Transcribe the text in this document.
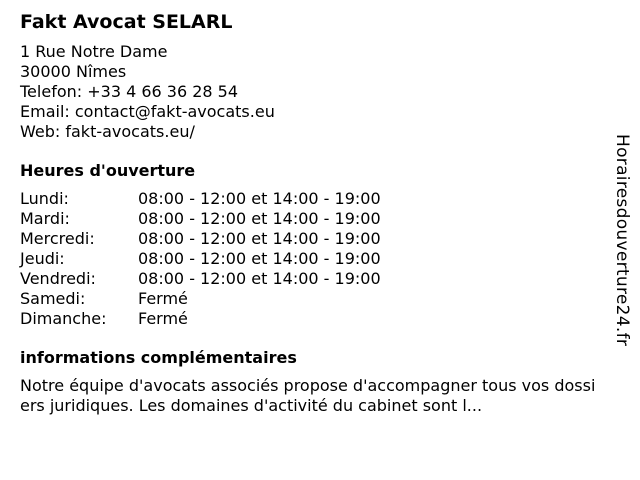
Fakt Avocat SELARL
1 Rue Notre Dame
30000 Nîmes
Telefon: +33 4 66 36 28 54
Email: contact@fakt-avocats.eu
Web: fakt-avocats.eu/
Heures d'ouverture
Lundi:	08:00 - 12:00 et 14:00 - 19:00
Mardi:	08:00 - 12:00 et 14:00 - 19:00
Mercredi:	08:00 - 12:00 et 14:00 - 19:00
Jeudi:	08:00 - 12:00 et 14:00 - 19:00
Vendredi:	08:00 - 12:00 et 14:00 - 19:00
Samedi:	Fermé
Dimanche:	Fermé
informations complémentaires
Notre équipe d'avocats associés propose d'accompagner tous vos dossiers juridiques. Les domaines d'activité du cabinet sont l...
Horairesdouverture24.fr
